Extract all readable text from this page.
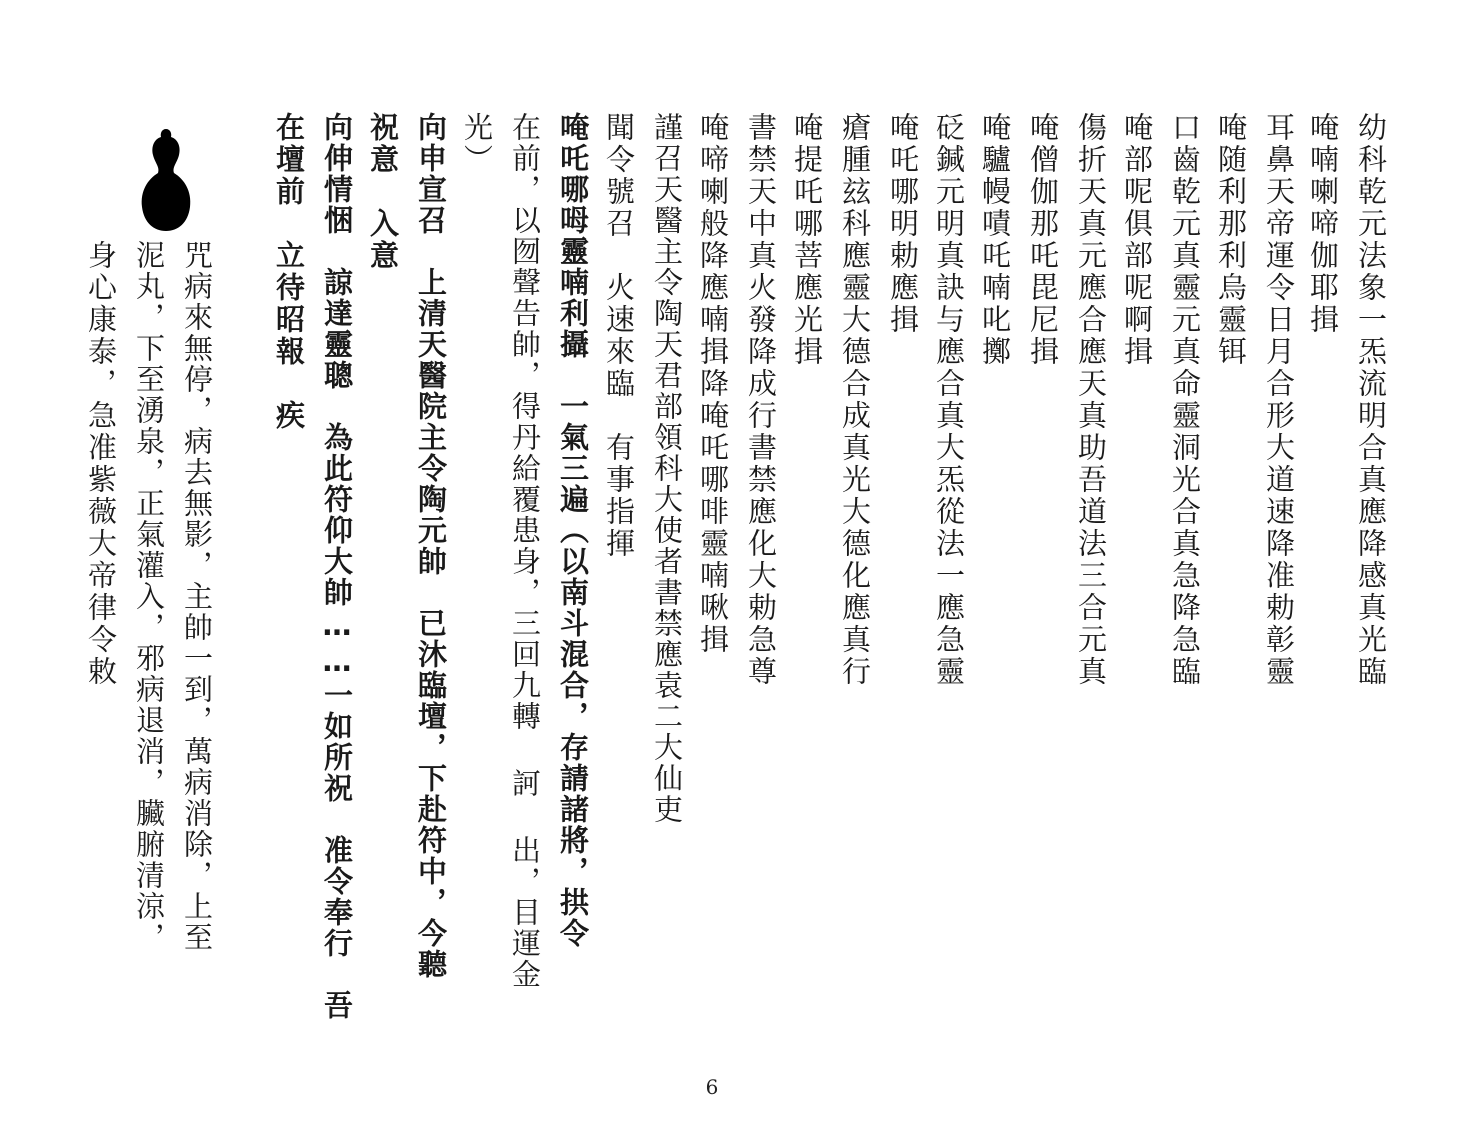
幼科乾元法象一炁流明合真應降感真光臨

唵喃喇啼伽耶揖

耳鼻天帝運令日月合形大道速降准勅彰靈

唵随利那利烏靈铒

口齒乾元真靈元真命靈洞光合真急降急臨

唵部呢俱部呢啊揖

傷折天真元應合應天真助吾道法三合元真

唵僧伽那吒毘尼揖

唵驢幔嘖吒喃叱擲

砭鍼元明真訣与應合真大炁從法一應急靈

唵吒哪明勅應揖

瘡腫玆科應靈大德合成真光大德化應真行

唵提吒哪菩應光揖

書禁天中真火發降成行書禁應化大勅急尊

唵啼喇般降應喃揖降唵吒哪啡靈喃啾揖

謹召天醫主令陶天君部領科大使者書禁應袁二大仙吏

聞令號召　火速來臨　有事指揮

唵吒哪呣靈喃利攝　一氣三遍（以南斗混合，存請諸將，拱令

在前，以囫聲告帥，得丹給覆患身，三回九轉 訶 出，目運金

光）

向申宣召　上清天醫院主令陶元帥　已沐臨壇，下赴符中，今聽

祝意　入意

向伸情悃　諒達靈聰　為此符仰大帥……一如所祝　准令奉行　吾

在壇前　立待昭報　疾

咒病來無停，病去無影，主帥一到，萬病消除，上至

泥丸，下至湧泉，正氣灌入，邪病退消，臟腑清涼，

身心康泰，急准紫薇大帝律令敕

6
